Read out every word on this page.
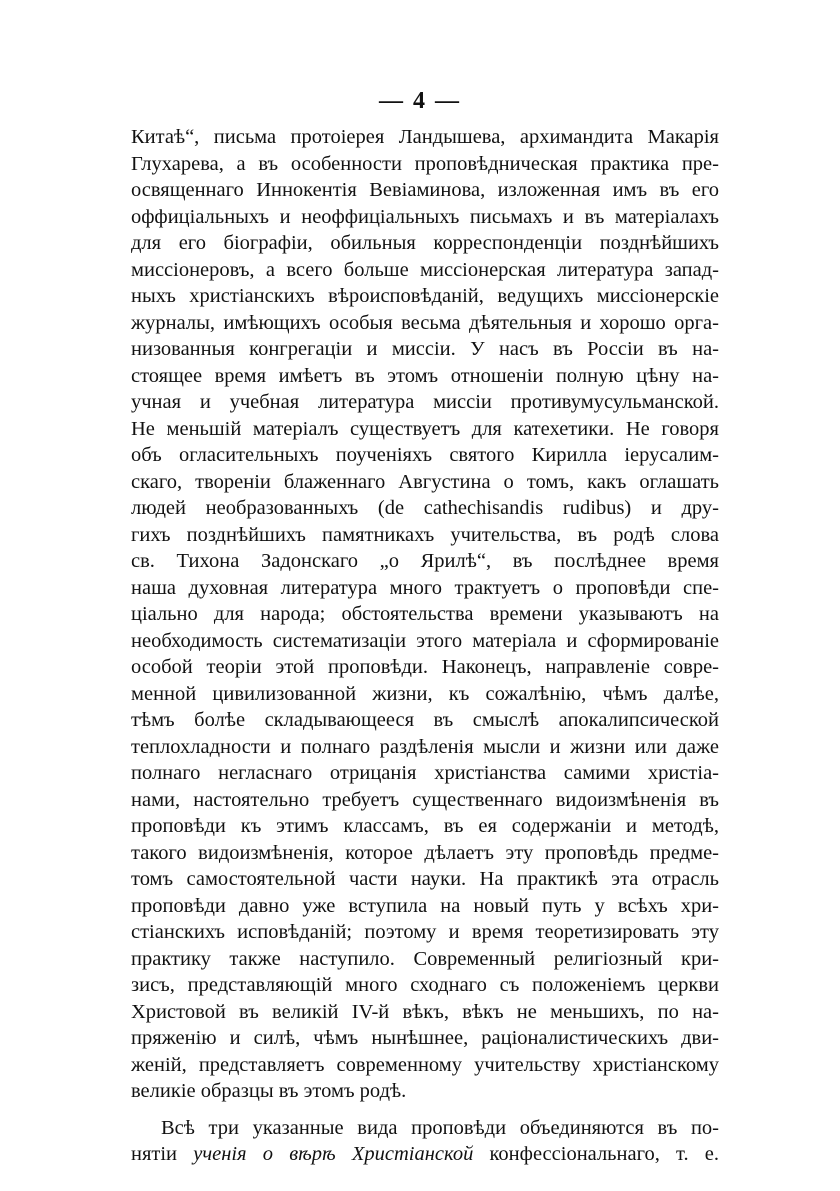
— 4 —
Китаѣ“, письма протоіерея Ландышева, архимандита Макарія
Глухарева, а въ особенности проповѣдническая практика пре-
освященнаго Иннокентія Вевіаминова, изложенная имъ въ его
оффиціальныхъ и неоффиціальныхъ письмахъ и въ матеріалахъ
для его біографіи, обильныя корреспонденціи позднѣйшихъ
миссіонеровъ, а всего больше миссіонерская литература запад-
ныхъ христіанскихъ вѣроисповѣданій, ведущихъ миссіонерскіе
журналы, имѣющихъ особыя весьма дѣятельныя и хорошо орга-
низованныя конгрегаціи и миссіи. У насъ въ Россіи въ на-
стоящее время имѣетъ въ этомъ отношеніи полную цѣну на-
учная и учебная литература миссіи противумусульманской.
Не меньшій матеріалъ существуетъ для катехетики. Не говоря
объ огласительныхъ поученіяхъ святого Кирилла іерусалим-
скаго, твореніи блаженнаго Августина о томъ, какъ оглашать
людей необразованныхъ (de cathechisandis rudibus) и дру-
гихъ позднѣйшихъ памятникахъ учительства, въ родѣ слова
св. Тихона Задонскаго „о Ярилѣ“, въ послѣднее время
наша духовная литература много трактуетъ о проповѣди спе-
ціально для народа; обстоятельства времени указываютъ на
необходимость систематизаціи этого матеріала и сформированіе
особой теоріи этой проповѣди. Наконецъ, направленіе совре-
менной цивилизованной жизни, къ сожалѣнію, чѣмъ далѣе,
тѣмъ болѣе складывающееся въ смыслѣ апокалипсической
теплохладности и полнаго раздѣленія мысли и жизни или даже
полнаго негласнаго отрицанія христіанства самими христіа-
нами, настоятельно требуетъ существеннаго видоизмѣненія въ
проповѣди къ этимъ классамъ, въ ея содержаніи и методѣ,
такого видоизмѣненія, которое дѣлаетъ эту проповѣдь предме-
томъ самостоятельной части науки. На практикѣ эта отрасль
проповѣди давно уже вступила на новый путь у всѣхъ хри-
стіанскихъ исповѣданій; поэтому и время теоретизировать эту
практику также наступило. Современный религіозный кри-
зисъ, представляющій много сходнаго съ положеніемъ церкви
Христовой въ великій IV-й вѣкъ, вѣкъ не меньшихъ, по на-
пряженію и силѣ, чѣмъ нынѣшнее, раціоналистическихъ дви-
женій, представляетъ современному учительству христіанскому
великіе образцы въ этомъ родѣ.
Всѣ три указанные вида проповѣди объединяются въ по-
нятіи ученія о вѣрѣ Христіанской конфессіональнаго, т. е.
